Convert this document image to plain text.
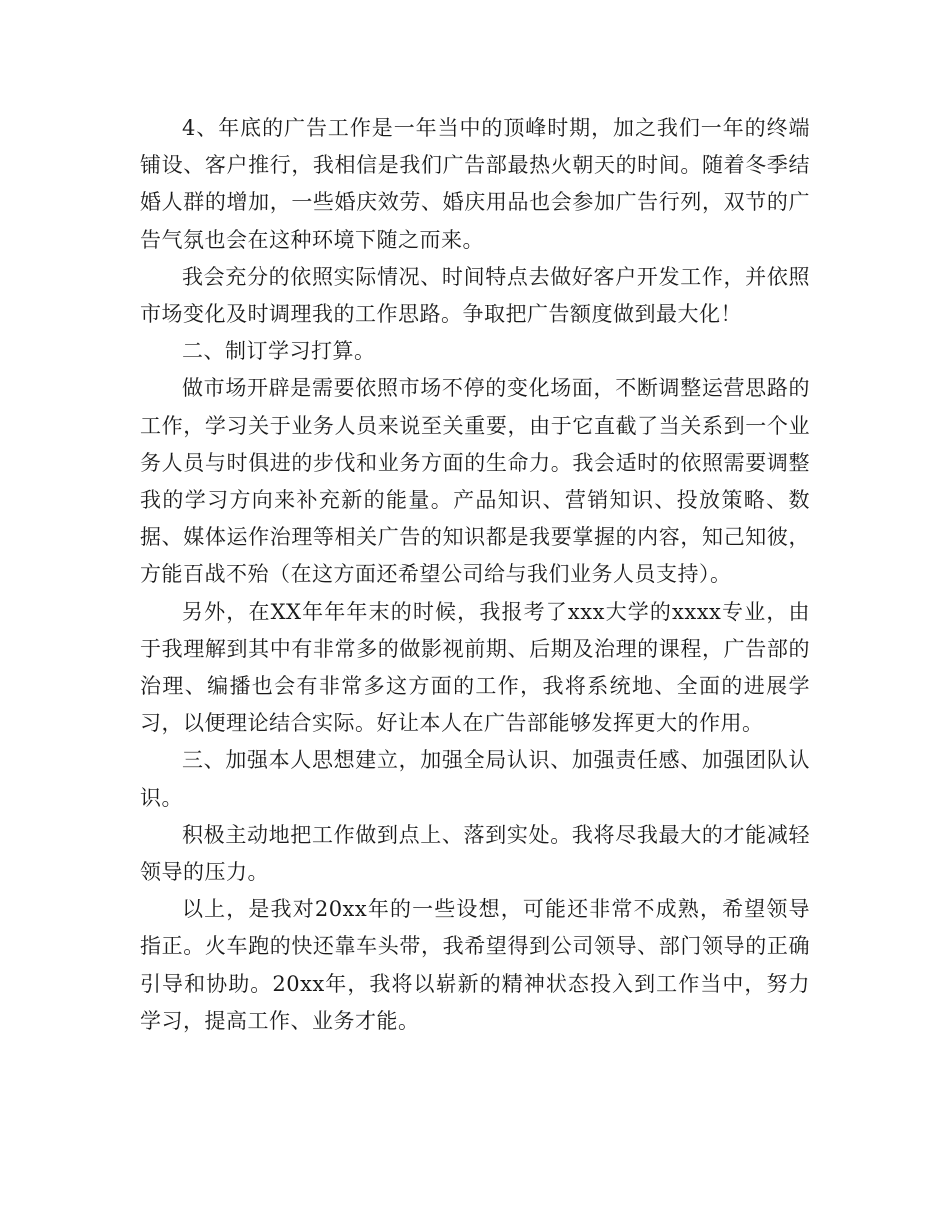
4、年底的广告工作是一年当中的顶峰时期，加之我们一年的终端铺设、客户推行，我相信是我们广告部最热火朝天的时间。随着冬季结婚人群的增加，一些婚庆效劳、婚庆用品也会参加广告行列，双节的广告气氛也会在这种环境下随之而来。

我会充分的依照实际情况、时间特点去做好客户开发工作，并依照市场变化及时调理我的工作思路。争取把广告额度做到最大化！

二、制订学习打算。

做市场开辟是需要依照市场不停的变化场面，不断调整运营思路的工作，学习关于业务人员来说至关重要，由于它直截了当关系到一个业务人员与时俱进的步伐和业务方面的生命力。我会适时的依照需要调整我的学习方向来补充新的能量。产品知识、营销知识、投放策略、数据、媒体运作治理等相关广告的知识都是我要掌握的内容，知己知彼，方能百战不殆（在这方面还希望公司给与我们业务人员支持）。

另外，在XX年年年末的时候，我报考了xxx大学的xxxx专业，由于我理解到其中有非常多的做影视前期、后期及治理的课程，广告部的治理、编播也会有非常多这方面的工作，我将系统地、全面的进展学习，以便理论结合实际。好让本人在广告部能够发挥更大的作用。

三、加强本人思想建立，加强全局认识、加强责任感、加强团队认识。

积极主动地把工作做到点上、落到实处。我将尽我最大的才能减轻领导的压力。

以上，是我对20xx年的一些设想，可能还非常不成熟，希望领导指正。火车跑的快还靠车头带，我希望得到公司领导、部门领导的正确引导和协助。20xx年，我将以崭新的精神状态投入到工作当中，努力学习，提高工作、业务才能。
